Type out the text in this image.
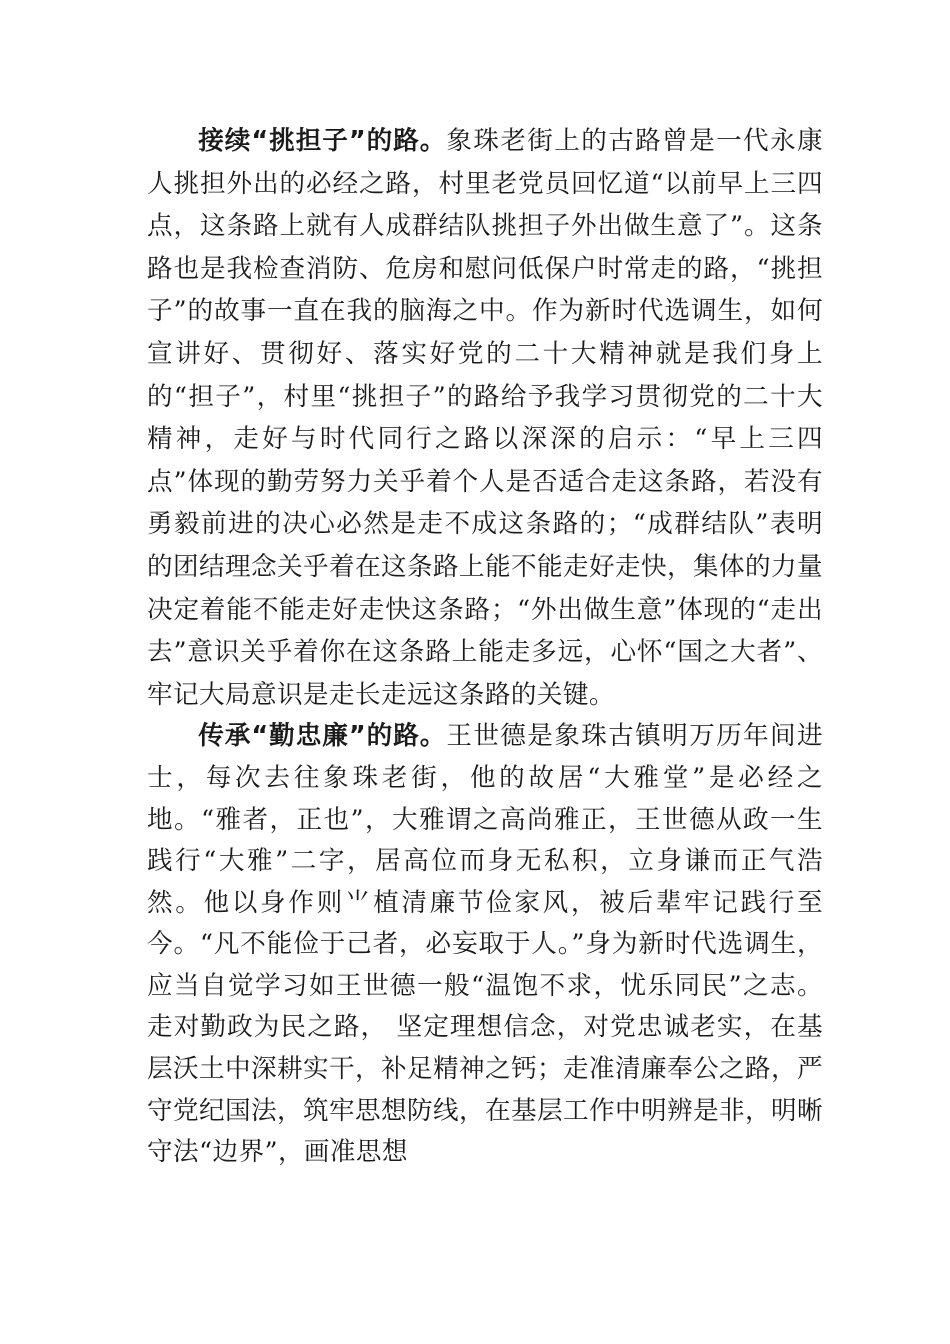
接续“挑担子”的路。象珠老街上的古路曾是一代永康人挑担外出的必经之路，村里老党员回忆道“以前早上三四点，这条路上就有人成群结队挑担子外出做生意了”。这条路也是我检查消防、危房和慰问低保户时常走的路，“挑担子”的故事一直在我的脑海之中。作为新时代选调生，如何宣讲好、贯彻好、落实好党的二十大精神就是我们身上的“担子”，村里“挑担子”的路给予我学习贯彻党的二十大精神，走好与时代同行之路以深深的启示：“早上三四点”体现的勤劳努力关乎着个人是否适合走这条路，若没有勇毅前进的决心必然是走不成这条路的；“成群结队”表明的团结理念关乎着在这条路上能不能走好走快，集体的力量决定着能不能走好走快这条路；“外出做生意”体现的“走出去”意识关乎着你在这条路上能走多远，心怀“国之大者”、牢记大局意识是走长走远这条路的关键。

传承“勤忠廉”的路。王世德是象珠古镇明万历年间进士，每次去往象珠老街，他的故居“大雅堂”是必经之地。“雅者，正也”，大雅谓之高尚雅正，王世德从政一生践行“大雅”二字，居高位而身无私积，立身谦而正气浩然。他以身作则⺌植清廉节俭家风，被后辈牢记践行至今。“凡不能俭于己者，必妄取于人。”身为新时代选调生，应当自觉学习如王世德一般“温饱不求，忧乐同民”之志。走对勤政为民之路， 坚定理想信念，对党忠诚老实，在基层沃土中深耕实干，补足精神之钙；走准清廉奉公之路，严守党纪国法，筑牢思想防线，在基层工作中明辨是非，明晰守法“边界”，画准思想
